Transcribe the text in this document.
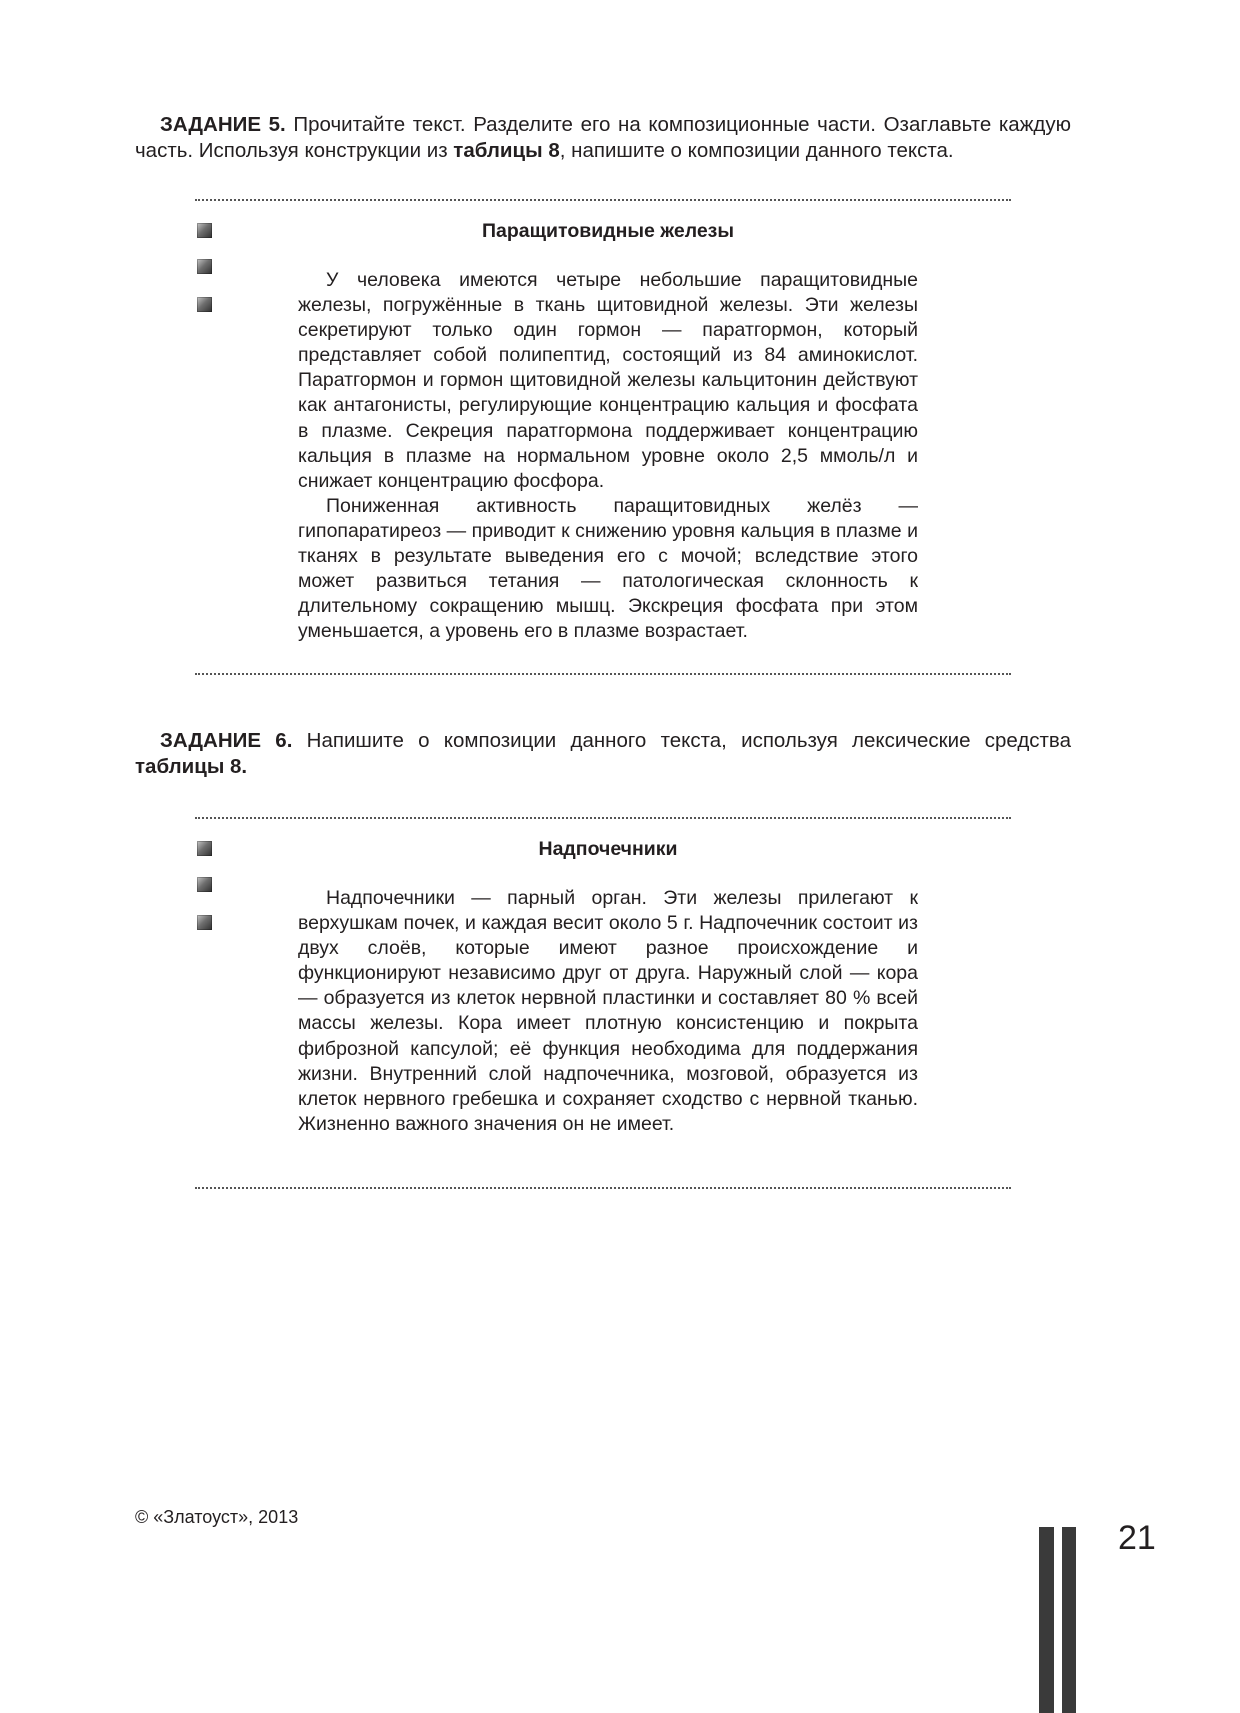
ЗАДАНИЕ 5. Прочитайте текст. Разделите его на композиционные части. Озаглавьте каждую часть. Используя конструкции из таблицы 8, напишите о композиции данного текста.

Паращитовидные железы

У человека имеются четыре небольшие паращитовидные железы, погружённые в ткань щитовидной железы. Эти железы секретируют только один гормон — паратгормон, который представляет собой полипептид, состоящий из 84 аминокислот. Паратгормон и гормон щитовидной железы кальцитонин действуют как антагонисты, регулирующие концентрацию кальция и фосфата в плазме. Секреция паратгормона поддерживает концентрацию кальция в плазме на нормальном уровне около 2,5 ммоль/л и снижает концентрацию фосфора.

Пониженная активность паращитовидных желёз — гипопаратиреоз — приводит к снижению уровня кальция в плазме и тканях в результате выведения его с мочой; вследствие этого может развиться тетания — патологическая склонность к длительному сокращению мышц. Экскреция фосфата при этом уменьшается, а уровень его в плазме возрастает.

ЗАДАНИЕ 6. Напишите о композиции данного текста, используя лексические средства таблицы 8.

Надпочечники

Надпочечники — парный орган. Эти железы прилегают к верхушкам почек, и каждая весит около 5 г. Надпочечник состоит из двух слоёв, которые имеют разное происхождение и функционируют независимо друг от друга. Наружный слой — кора — образуется из клеток нервной пластинки и составляет 80 % всей массы железы. Кора имеет плотную консистенцию и покрыта фиброзной капсулой; её функция необходима для поддержания жизни. Внутренний слой надпочечника, мозговой, образуется из клеток нервного гребешка и сохраняет сходство с нервной тканью. Жизненно важного значения он не имеет.

© «Златоуст», 2013
21
